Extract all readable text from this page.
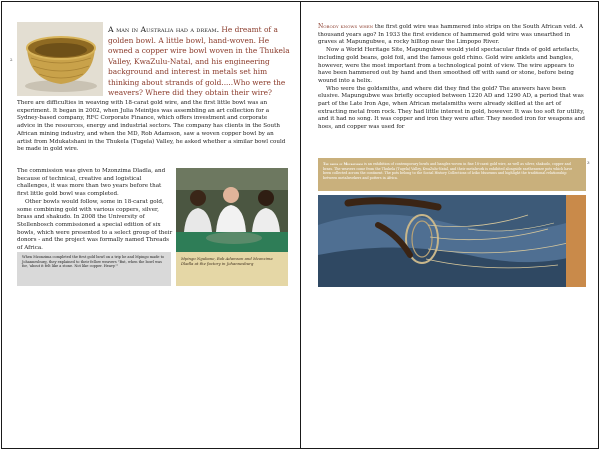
2

A man in Australia had a dream. He dreamt of a golden bowl. A little bowl, hand-woven. He owned a copper wire bowl woven in the Thukela Valley, KwaZulu-Natal, and his engineering background and interest in metals set him thinking about strands of gold.....Who were the weavers? Where did they obtain their wire?

There are difficulties in weaving with 18-carat gold wire, and the first little bowl was an experiment. It began in 2002, when Julia Meintjes was assembling an art collection for a Sydney-based company, RFC Corporate Finance, which offers investment and corporate advice in the resources, energy and industrial sectors. The company has clients in the South African mining industry, and when the MD, Rob Adamson, saw a woven copper bowl by an artist from Mdukatshani in the Thukela (Tugela) Valley, he asked whether a similar bowl could be made in gold wire.

The commission was given to Mzonzima Dladla, and because of technical, creative and logistical challenges, it was more than two years before that first little gold bowl was completed.
Other bowls would follow, some in 18-carat gold, some combining gold with various coppers, silver, brass and shakudo. In 2008 the University of Stellenbosch commissioned a special edition of six bowls, which were presented to a select group of their donors - and the project was formally named Threads of Africa.
When Mzonzima completed the first gold bowl on a trip he and Mpingo made to Johannesburg, they explained to their fellow weavers "But, when the bowl was for, 'about it felt like a stone. Not like copper. Heavy.'"
Mpingo Ngubane, Rob Adamson and Mzonzima Dladla at the factory in Johannesburg
3
Nobody knows when the first gold wire was hammered into strips on the South African veld. A thousand years ago? In 1933 the first evidence of hammered gold wire was unearthed in graves at Mapungubwe, a rocky hilltop near the Limpopo River.
Now a World Heritage Site, Mapungubwe would yield spectacular finds of gold artefacts, including gold beans, gold foil, and the famous gold rhino. Gold wire anklets and bangles, however, were the most important from a technological point of view. The wire appears to have been hammered out by hand and then smoothed off with sand or stone, before being wound into a helix.
Who were the goldsmiths, and where did they find the gold? The answers have been elusive. Mapungubwe was briefly occupied between 1220 AD and 1290 AD, a period that was part of the Late Iron Age, when African metalsmiths were already skilled at the art of extracting metal from rock. They had little interest in gold, however. It was too soft for utility, and it had no song. It was copper and iron they were after. They needed iron for weapons and hoes, and copper was used for

The barns of Mdukatshani is an exhibition of contemporary bowls and bangles woven in fine 18-carat gold wire, as well as silver, shakudo, copper and brass. The weavers come from the Thukela (Tugela) Valley, KwaZulu-Natal, and their metalwork is exhibited alongside earthenware pots which have been collected across the continent. The pots belong to the Social History Collections of Iziko Museums and highlight the traditional relationship between metalworkers and potters in Africa.
